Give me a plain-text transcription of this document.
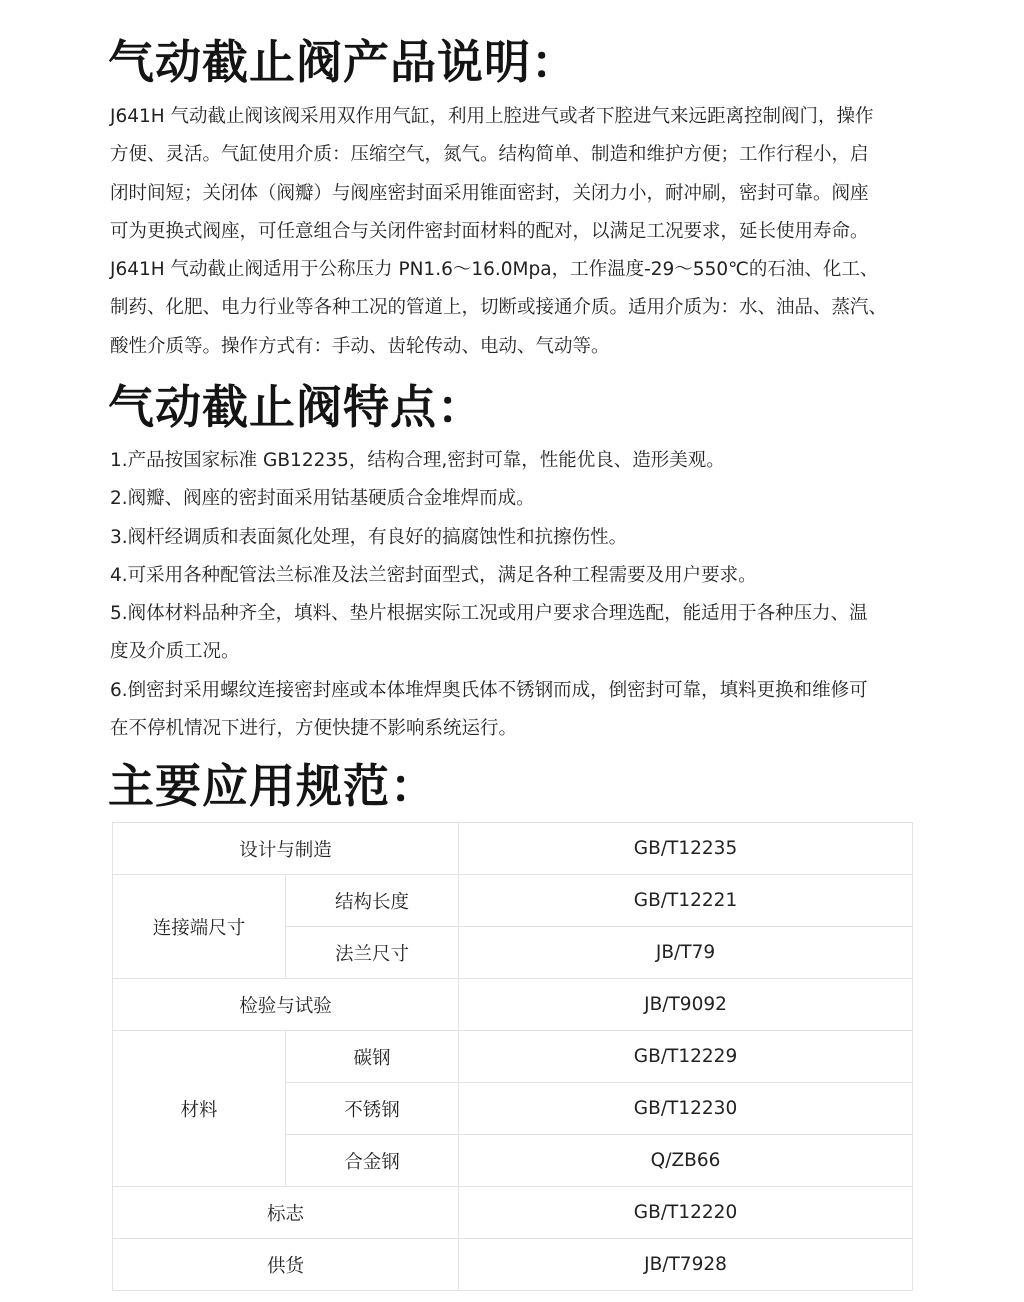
气动截止阀产品说明：
J641H 气动截止阀该阀采用双作用气缸，利用上腔进气或者下腔进气来远距离控制阀门，操作
方便、灵活。气缸使用介质：压缩空气，氮气。结构简单、制造和维护方便；工作行程小，启
闭时间短；关闭体（阀瓣）与阀座密封面采用锥面密封，关闭力小，耐冲刷，密封可靠。阀座
可为更换式阀座，可任意组合与关闭件密封面材料的配对，以满足工况要求，延长使用寿命。
J641H 气动截止阀适用于公称压力 PN1.6～16.0Mpa，工作温度-29～550℃的石油、化工、
制药、化肥、电力行业等各种工况的管道上，切断或接通介质。适用介质为：水、油品、蒸汽、
酸性介质等。操作方式有：手动、齿轮传动、电动、气动等。
气动截止阀特点：
1.产品按国家标准 GB12235，结构合理,密封可靠，性能优良、造形美观。
2.阀瓣、阀座的密封面采用钴基硬质合金堆焊而成。
3.阀杆经调质和表面氮化处理，有良好的搞腐蚀性和抗擦伤性。
4.可采用各种配管法兰标准及法兰密封面型式，满足各种工程需要及用户要求。
5.阀体材料品种齐全，填料、垫片根据实际工况或用户要求合理选配，能适用于各种压力、温
度及介质工况。
6.倒密封采用螺纹连接密封座或本体堆焊奥氏体不锈钢而成，倒密封可靠，填料更换和维修可
在不停机情况下进行，方便快捷不影响系统运行。
主要应用规范：
设计与制造		GB/T12235
连接端尺寸	结构长度	GB/T12221
	法兰尺寸	JB/T79
检验与试验		JB/T9092
材料	碳钢	GB/T12229
	不锈钢	GB/T12230
	合金钢	Q/ZB66
标志		GB/T12220
供货		JB/T7928
